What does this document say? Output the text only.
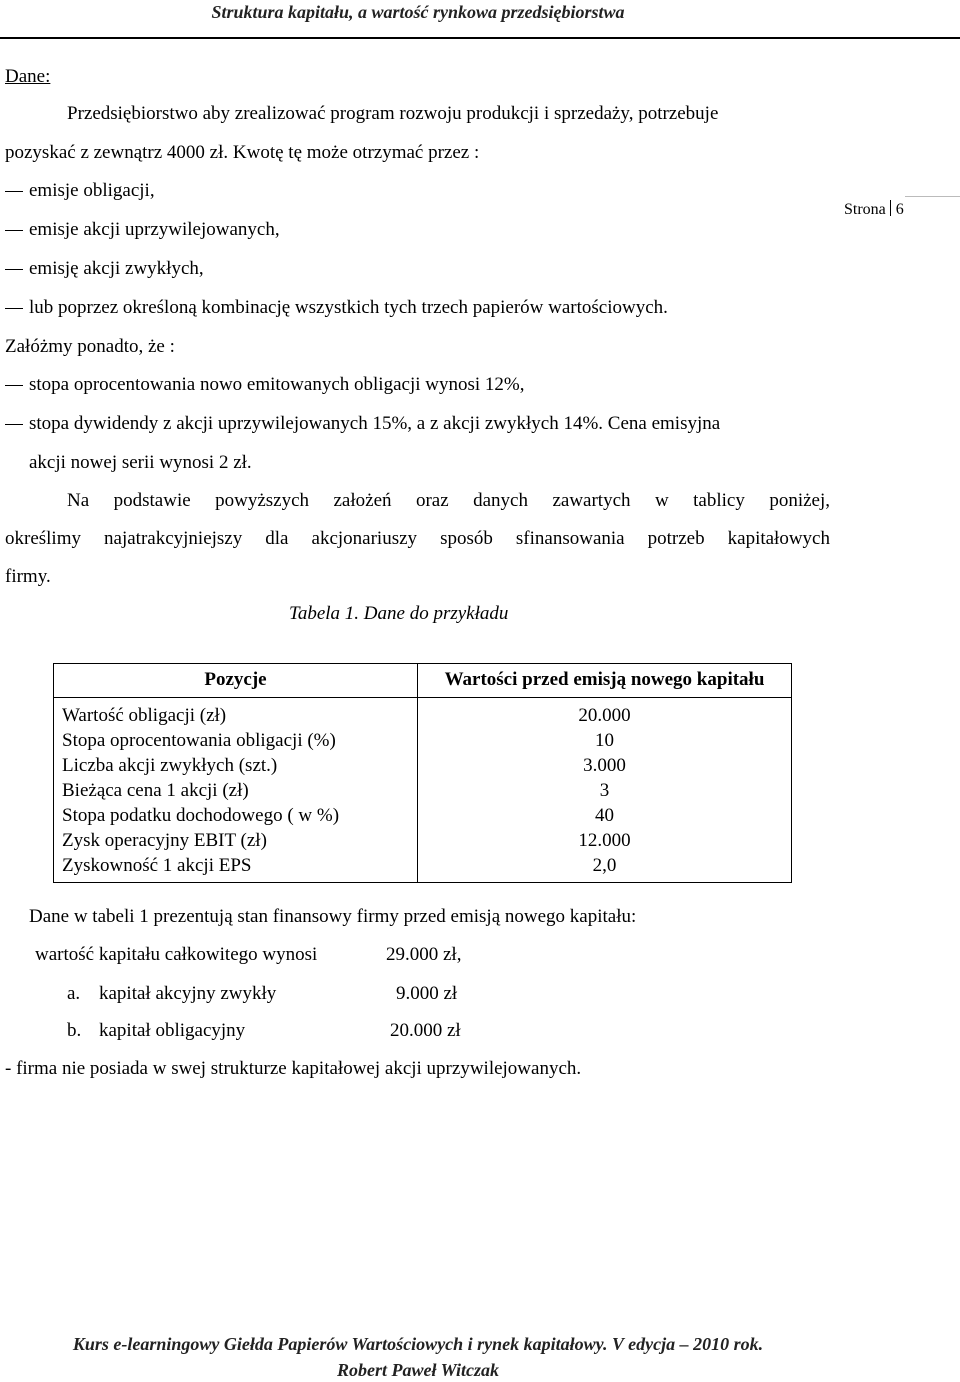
Struktura kapitału, a wartość rynkowa przedsiębiorstwa
Strona 6
Dane:
Przedsiębiorstwo aby zrealizować program rozwoju produkcji i sprzedaży, potrzebuje
pozyskać z zewnątrz 4000 zł. Kwotę tę może otrzymać przez :
emisje obligacji,
emisje akcji uprzywilejowanych,
emisję akcji zwykłych,
lub poprzez określoną kombinację wszystkich tych trzech papierów wartościowych.
Załóżmy ponadto, że :
stopa oprocentowania nowo emitowanych obligacji wynosi 12%,
stopa dywidendy z akcji uprzywilejowanych 15%, a z akcji zwykłych 14%. Cena emisyjna
akcji nowej serii wynosi 2 zł.
Na podstawie powyższych założeń oraz danych zawartych w tablicy poniżej,
określimy najatrakcyjniejszy dla akcjonariuszy sposób sfinansowania potrzeb kapitałowych
firmy.
Tabela 1. Dane do przykładu
Pozycje	Wartości przed emisją nowego kapitału
Wartość obligacji (zł)	20.000
Stopa oprocentowania obligacji (%)	10
Liczba akcji zwykłych (szt.)	3.000
Bieżąca cena 1 akcji (zł)	3
Stopa podatku dochodowego ( w %)	40
Zysk operacyjny EBIT (zł)	12.000
Zyskowność 1 akcji EPS	2,0
Dane w tabeli 1 prezentują stan finansowy firmy przed emisją nowego kapitału:
wartość kapitału całkowitego wynosi	29.000 zł,
a. kapitał akcyjny zwykły	9.000 zł
b. kapitał obligacyjny	20.000 zł
- firma nie posiada w swej strukturze kapitałowej akcji uprzywilejowanych.
Kurs e-learningowy Giełda Papierów Wartościowych i rynek kapitałowy. V edycja – 2010 rok.
Robert Paweł Witczak
